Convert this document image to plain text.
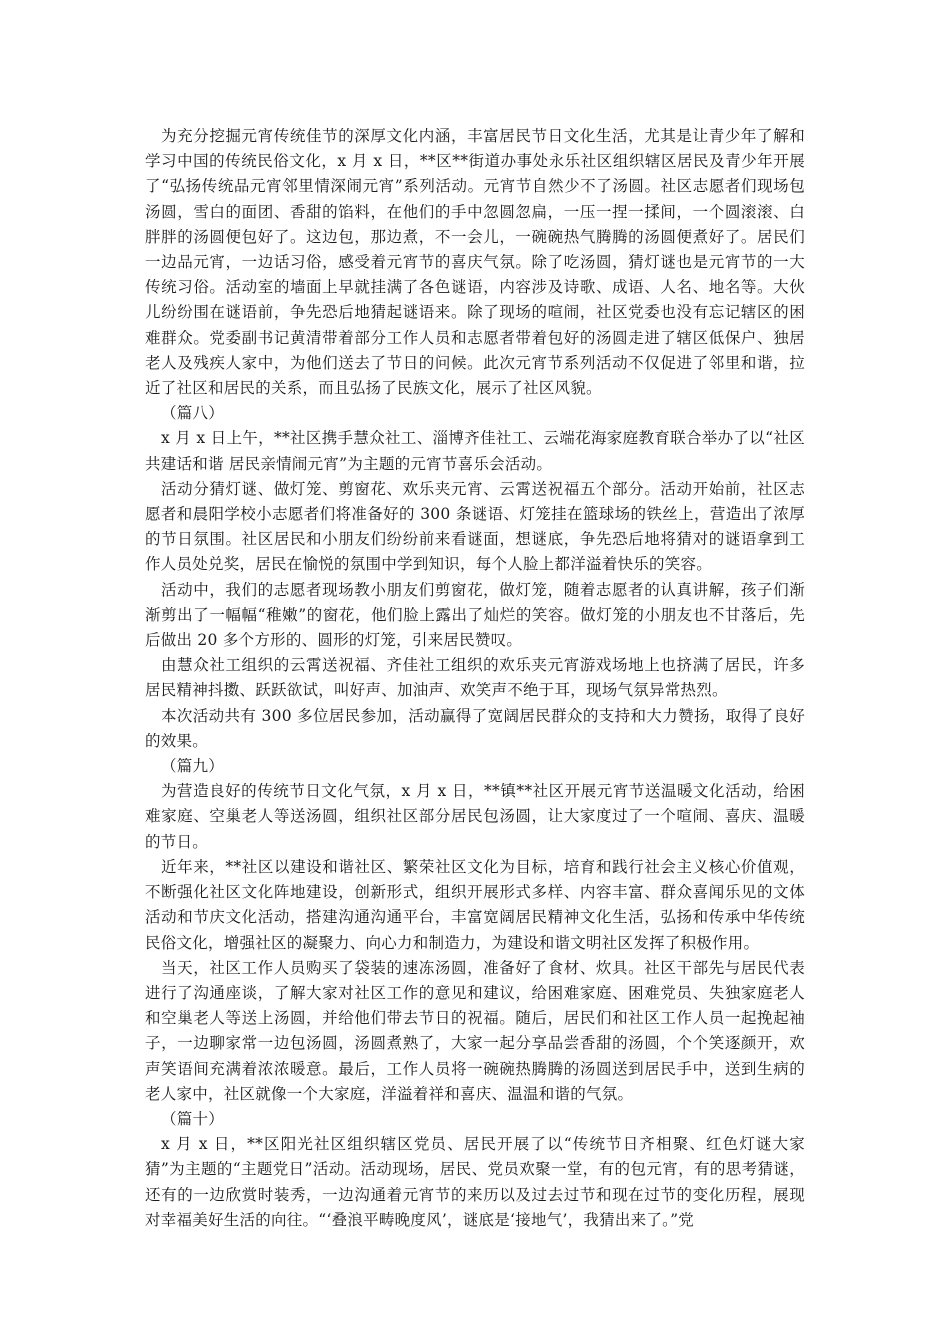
为充分挖掘元宵传统佳节的深厚文化内涵，丰富居民节日文化生活，尤其是让青少年了解和学习中国的传统民俗文化，x 月 x 日，**区**街道办事处永乐社区组织辖区居民及青少年开展了“弘扬传统品元宵邻里情深闹元宵”系列活动。元宵节自然少不了汤圆。社区志愿者们现场包汤圆，雪白的面团、香甜的馅料，在他们的手中忽圆忽扁，一压一捏一揉间，一个圆滚滚、白胖胖的汤圆便包好了。这边包，那边煮，不一会儿，一碗碗热气腾腾的汤圆便煮好了。居民们一边品元宵，一边话习俗，感受着元宵节的喜庆气氛。除了吃汤圆，猜灯谜也是元宵节的一大传统习俗。活动室的墙面上早就挂满了各色谜语，内容涉及诗歌、成语、人名、地名等。大伙儿纷纷围在谜语前，争先恐后地猜起谜语来。除了现场的喧闹，社区党委也没有忘记辖区的困难群众。党委副书记黄清带着部分工作人员和志愿者带着包好的汤圆走进了辖区低保户、独居老人及残疾人家中，为他们送去了节日的问候。此次元宵节系列活动不仅促进了邻里和谐，拉近了社区和居民的关系，而且弘扬了民族文化，展示了社区风貌。

（篇八）

x 月 x 日上午，**社区携手慧众社工、淄博齐佳社工、云端花海家庭教育联合举办了以“社区共建话和谐 居民亲情闹元宵”为主题的元宵节喜乐会活动。

活动分猜灯谜、做灯笼、剪窗花、欢乐夹元宵、云霄送祝福五个部分。活动开始前，社区志愿者和晨阳学校小志愿者们将准备好的 300 条谜语、灯笼挂在篮球场的铁丝上，营造出了浓厚的节日氛围。社区居民和小朋友们纷纷前来看谜面，想谜底，争先恐后地将猜对的谜语拿到工作人员处兑奖，居民在愉悦的氛围中学到知识，每个人脸上都洋溢着快乐的笑容。

活动中，我们的志愿者现场教小朋友们剪窗花，做灯笼，随着志愿者的认真讲解，孩子们渐渐剪出了一幅幅“稚嫩”的窗花，他们脸上露出了灿烂的笑容。做灯笼的小朋友也不甘落后，先后做出 20 多个方形的、圆形的灯笼，引来居民赞叹。

由慧众社工组织的云霄送祝福、齐佳社工组织的欢乐夹元宵游戏场地上也挤满了居民，许多居民精神抖擞、跃跃欲试，叫好声、加油声、欢笑声不绝于耳，现场气氛异常热烈。

本次活动共有 300 多位居民参加，活动赢得了宽阔居民群众的支持和大力赞扬，取得了良好的效果。

（篇九）

为营造良好的传统节日文化气氛，x 月 x 日，**镇**社区开展元宵节送温暖文化活动，给困难家庭、空巢老人等送汤圆，组织社区部分居民包汤圆，让大家度过了一个喧闹、喜庆、温暖的节日。

近年来，**社区以建设和谐社区、繁荣社区文化为目标，培育和践行社会主义核心价值观，不断强化社区文化阵地建设，创新形式，组织开展形式多样、内容丰富、群众喜闻乐见的文体活动和节庆文化活动，搭建沟通沟通平台，丰富宽阔居民精神文化生活，弘扬和传承中华传统民俗文化，增强社区的凝聚力、向心力和制造力，为建设和谐文明社区发挥了积极作用。

当天，社区工作人员购买了袋装的速冻汤圆，准备好了食材、炊具。社区干部先与居民代表进行了沟通座谈，了解大家对社区工作的意见和建议，给困难家庭、困难党员、失独家庭老人和空巢老人等送上汤圆，并给他们带去节日的祝福。随后，居民们和社区工作人员一起挽起袖子，一边聊家常一边包汤圆，汤圆煮熟了，大家一起分享品尝香甜的汤圆，个个笑逐颜开，欢声笑语间充满着浓浓暖意。最后，工作人员将一碗碗热腾腾的汤圆送到居民手中，送到生病的老人家中，社区就像一个大家庭，洋溢着祥和喜庆、温温和谐的气氛。

（篇十）

x 月 x 日，**区阳光社区组织辖区党员、居民开展了以“传统节日齐相聚、红色灯谜大家猜”为主题的“主题党日”活动。活动现场，居民、党员欢聚一堂，有的包元宵，有的思考猜谜，还有的一边欣赏时装秀，一边沟通着元宵节的来历以及过去过节和现在过节的变化历程，展现对幸福美好生活的向往。“‘叠浪平畴晚度风’，谜底是‘接地气’，我猜出来了。”党
